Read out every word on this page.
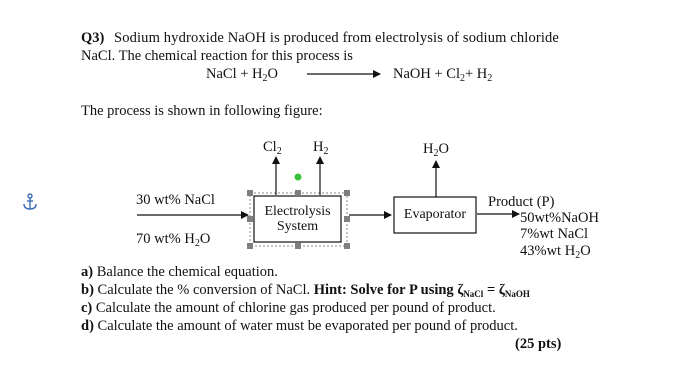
Q3) Sodium hydroxide NaOH is produced from electrolysis of sodium chloride
NaCl. The chemical reaction for this process is
NaCl + $H_2O$	NaOH + $Cl_2+ H_2$
The process is shown in following figure:
30 wt% NaCl
70 wt% $H_2O$
Electrolysis
System
Evaporator
$Cl_2$ $H_2$	$H_2O$
Product (P)
50wt%NaOH
7%wt NaCl
43%wt $H_2O$
a) Balance the chemical equation.
b) Calculate the % conversion of NaCl. Hint: Solve for P using $\zeta_{NaCl} = \zeta_{NaOH}$
c) Calculate the amount of chlorine gas produced per pound of product.
d) Calculate the amount of water must be evaporated per pound of product.
(25 pts)
